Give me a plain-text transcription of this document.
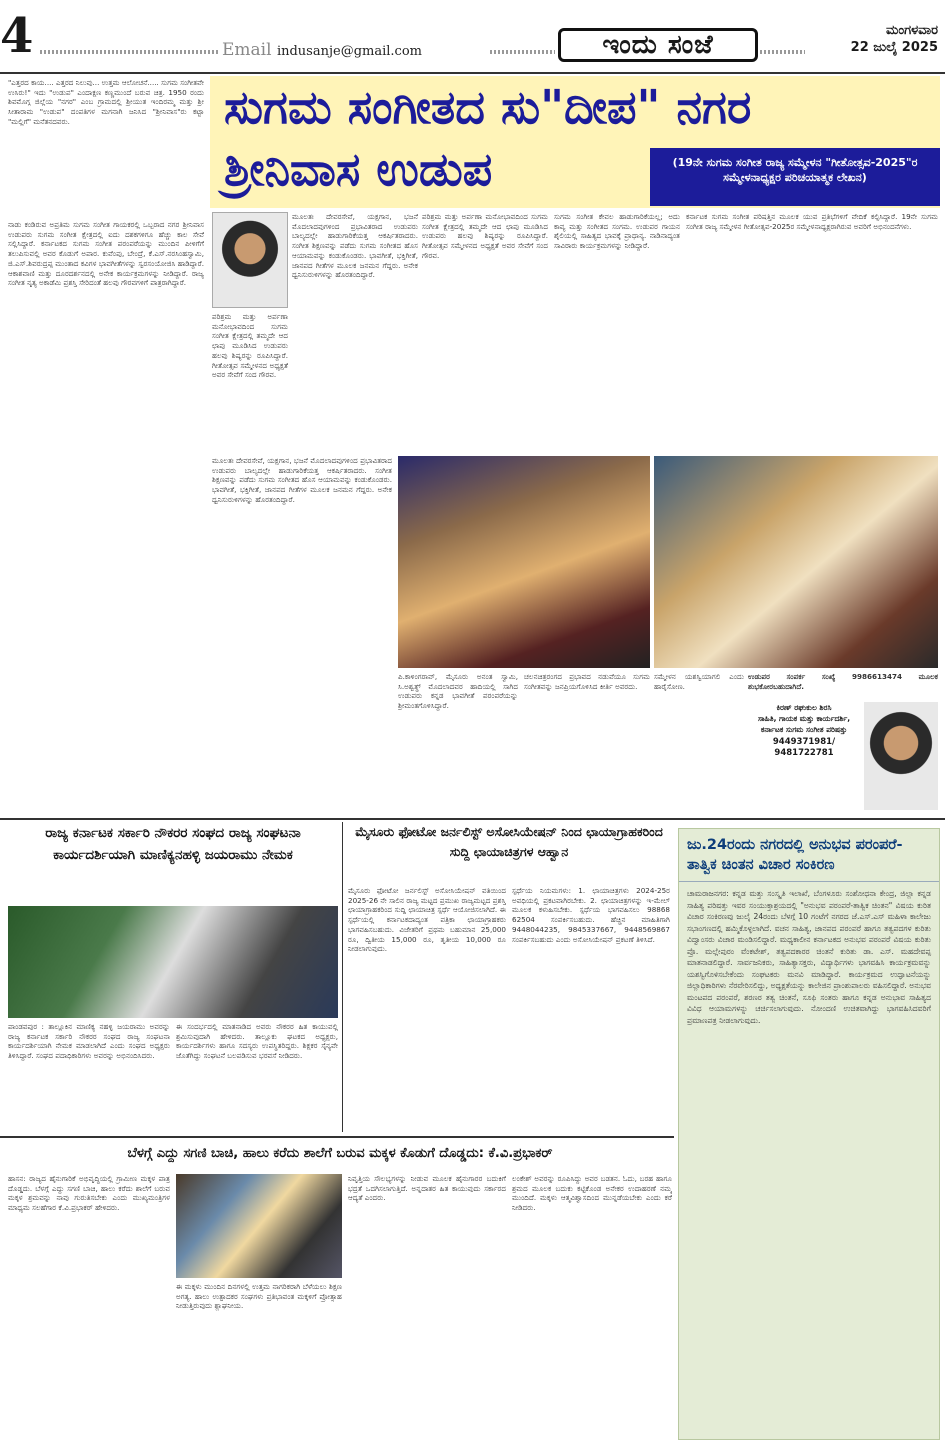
4	Email indusanje@gmail.com	ಇಂದು ಸಂಜೆ	ಮಂಗಳವಾರ
22 ಜುಲೈ 2025
"ಎತ್ತರದ ಕಾಯ.... ಎತ್ತರದ ನಿಲುವು... ಉತ್ತಮ ಆಲೋಚನೆ..... ಸುಗಮ ಸಂಗೀತವೇ ಉಸಿರು!" ಇದು "ಉಡುಪ" ಎಂದಾಕ್ಷಣ ಕಣ್ಣಮುಂದೆ ಬರುವ ಚಿತ್ರ. 1950 ರಂದು ಶಿವಮೊಗ್ಗ ಜಿಲ್ಲೆಯ "ನಗರ" ಎಂಬ ಗ್ರಾಮದಲ್ಲಿ ಶ್ರೀಯುತ ಇಂದಿರಮ್ಮ ಮತ್ತು ಶ್ರೀ ಸೀತಾರಾಮ "ಉಡುಪ" ದಂಪತಿಗಳ ಮಗನಾಗಿ ಜನಿಸಿದ "ಶ್ರೀನಿವಾಸ"ರು ಕಟ್ಟಾ "ಮಲ್ಲಿಗೆ" ಮನೆತನದವರು.	ಸುಗಮ ಸಂಗೀತದ ಸು"ದೀಪ" ನಗರ
ಶ್ರೀನಿವಾಸ ಉಡುಪ	(19ನೇ ಸುಗಮ ಸಂಗೀತ ರಾಜ್ಯ ಸಮ್ಮೇಳನ "ಗೀತೋತ್ಸವ-2025"ರ ಸಮ್ಮೇಳನಾಧ್ಯಕ್ಷರ ಪರಿಚಯಾತ್ಮಕ ಲೇಖನ)
ನಾಡು ಕಂಡಿರುವ ಅಪ್ರತಿಮ ಸುಗಮ ಸಂಗೀತ ಗಾಯಕರಲ್ಲಿ ಒಬ್ಬರಾದ ನಗರ ಶ್ರೀನಿವಾಸ ಉಡುಪರು ಸುಗಮ ಸಂಗೀತ ಕ್ಷೇತ್ರದಲ್ಲಿ ಐದು ದಶಕಗಳಿಗೂ ಹೆಚ್ಚು ಕಾಲ ಸೇವೆ ಸಲ್ಲಿಸಿದ್ದಾರೆ. ಕರ್ನಾಟಕದ ಸುಗಮ ಸಂಗೀತ ಪರಂಪರೆಯನ್ನು ಮುಂದಿನ ಪೀಳಿಗೆಗೆ ತಲುಪಿಸುವಲ್ಲಿ ಅವರ ಕೊಡುಗೆ ಅಪಾರ. ಕುವೆಂಪು, ಬೇಂದ್ರೆ, ಕೆ.ಎಸ್.ನರಸಿಂಹಸ್ವಾಮಿ, ಜಿ.ಎಸ್.ಶಿವರುದ್ರಪ್ಪ ಮುಂತಾದ ಕವಿಗಳ ಭಾವಗೀತೆಗಳನ್ನು ಸ್ವರಸಂಯೋಜಿಸಿ ಹಾಡಿದ್ದಾರೆ. ಆಕಾಶವಾಣಿ ಮತ್ತು ದೂರದರ್ಶನದಲ್ಲಿ ಅನೇಕ ಕಾರ್ಯಕ್ರಮಗಳನ್ನು ನೀಡಿದ್ದಾರೆ. ರಾಜ್ಯ ಸಂಗೀತ ನೃತ್ಯ ಅಕಾಡೆಮಿ ಪ್ರಶಸ್ತಿ ಸೇರಿದಂತೆ ಹಲವು ಗೌರವಗಳಿಗೆ ಪಾತ್ರರಾಗಿದ್ದಾರೆ.
ಮೂಲತಃ ದೇವರಸೇವೆ, ಯಕ್ಷಗಾನ, ಭಜನೆ ಮೊದಲಾದವುಗಳಿಂದ ಪ್ರಭಾವಿತರಾದ ಉಡುಪರು ಬಾಲ್ಯದಲ್ಲೇ ಹಾಡುಗಾರಿಕೆಯತ್ತ ಆಕರ್ಷಿತರಾದರು. ಸಂಗೀತ ಶಿಕ್ಷಣವನ್ನು ಪಡೆದು ಸುಗಮ ಸಂಗೀತದ ಹೊಸ ಆಯಾಮವನ್ನು ಕಂಡುಕೊಂಡರು. ಭಾವಗೀತೆ, ಭಕ್ತಿಗೀತೆ, ಜಾನಪದ ಗೀತೆಗಳ ಮೂಲಕ ಜನಮನ ಗೆದ್ದರು. ಅನೇಕ ಧ್ವನಿಸುರುಳಿಗಳನ್ನು ಹೊರತಂದಿದ್ದಾರೆ.
ಪರಿಶ್ರಮ ಮತ್ತು ಅರ್ಪಣಾ ಮನೋಭಾವದಿಂದ ಸುಗಮ ಸಂಗೀತ ಕ್ಷೇತ್ರದಲ್ಲಿ ತಮ್ಮದೇ ಆದ ಛಾಪು ಮೂಡಿಸಿದ ಉಡುಪರು ಹಲವು ಶಿಷ್ಯರನ್ನು ರೂಪಿಸಿದ್ದಾರೆ. ಗೀತೋತ್ಸವ ಸಮ್ಮೇಳನದ ಅಧ್ಯಕ್ಷತೆ ಅವರ ಸೇವೆಗೆ ಸಂದ ಗೌರವ.
ಪರಿಶ್ರಮ ಮತ್ತು ಅರ್ಪಣಾ ಮನೋಭಾವದಿಂದ ಸುಗಮ ಸಂಗೀತ ಕ್ಷೇತ್ರದಲ್ಲಿ ತಮ್ಮದೇ ಆದ ಛಾಪು ಮೂಡಿಸಿದ ಉಡುಪರು ಹಲವು ಶಿಷ್ಯರನ್ನು ರೂಪಿಸಿದ್ದಾರೆ. ಗೀತೋತ್ಸವ ಸಮ್ಮೇಳನದ ಅಧ್ಯಕ್ಷತೆ ಅವರ ಸೇವೆಗೆ ಸಂದ ಗೌರವ.
ಸುಗಮ ಸಂಗೀತ ಕೇವಲ ಹಾಡುಗಾರಿಕೆಯಲ್ಲ; ಅದು ಕಾವ್ಯ ಮತ್ತು ಸಂಗೀತದ ಸಂಗಮ. ಉಡುಪರ ಗಾಯನ ಶೈಲಿಯಲ್ಲಿ ಸಾಹಿತ್ಯದ ಭಾವಕ್ಕೆ ಪ್ರಾಧಾನ್ಯ. ನಾಡಿನಾದ್ಯಂತ ಸಾವಿರಾರು ಕಾರ್ಯಕ್ರಮಗಳನ್ನು ನೀಡಿದ್ದಾರೆ.
ಕರ್ನಾಟಕ ಸುಗಮ ಸಂಗೀತ ಪರಿಷತ್ತಿನ ಮೂಲಕ ಯುವ ಪ್ರತಿಭೆಗಳಿಗೆ ವೇದಿಕೆ ಕಲ್ಪಿಸಿದ್ದಾರೆ. 19ನೇ ಸುಗಮ ಸಂಗೀತ ರಾಜ್ಯ ಸಮ್ಮೇಳನ ಗೀತೋತ್ಸವ-2025ರ ಸಮ್ಮೇಳನಾಧ್ಯಕ್ಷರಾಗಿರುವ ಅವರಿಗೆ ಅಭಿನಂದನೆಗಳು.
ಮೂಲತಃ ದೇವರಸೇವೆ, ಯಕ್ಷಗಾನ, ಭಜನೆ ಮೊದಲಾದವುಗಳಿಂದ ಪ್ರಭಾವಿತರಾದ ಉಡುಪರು ಬಾಲ್ಯದಲ್ಲೇ ಹಾಡುಗಾರಿಕೆಯತ್ತ ಆಕರ್ಷಿತರಾದರು. ಸಂಗೀತ ಶಿಕ್ಷಣವನ್ನು ಪಡೆದು ಸುಗಮ ಸಂಗೀತದ ಹೊಸ ಆಯಾಮವನ್ನು ಕಂಡುಕೊಂಡರು. ಭಾವಗೀತೆ, ಭಕ್ತಿಗೀತೆ, ಜಾನಪದ ಗೀತೆಗಳ ಮೂಲಕ ಜನಮನ ಗೆದ್ದರು. ಅನೇಕ ಧ್ವನಿಸುರುಳಿಗಳನ್ನು ಹೊರತಂದಿದ್ದಾರೆ.
ಪಿ.ಕಾಳಿಂಗರಾವ್, ಮೈಸೂರು ಅನಂತ ಸ್ವಾಮಿ, ಸಿ.ಅಶ್ವತ್ಥ್ ಮೊದಲಾದವರ ಹಾದಿಯಲ್ಲಿ ಸಾಗಿದ ಉಡುಪರು ಕನ್ನಡ ಭಾವಗೀತೆ ಪರಂಪರೆಯನ್ನು ಶ್ರೀಮಂತಗೊಳಿಸಿದ್ದಾರೆ.
ಚಲನಚಿತ್ರರಂಗದ ಪ್ರಭಾವದ ನಡುವೆಯೂ ಸುಗಮ ಸಂಗೀತವನ್ನು ಜನಪ್ರಿಯಗೊಳಿಸಿದ ಕೀರ್ತಿ ಅವರದು.
ಸಮ್ಮೇಳನ ಯಶಸ್ವಿಯಾಗಲಿ ಎಂದು ಹಾರೈಸೋಣ.
ಉಡುಪರ ಸಂಪರ್ಕ ಸಂಖ್ಯೆ 9986613474 ಮೂಲಕ ಶುಭಕೋರಬಹುದಾಗಿದೆ.
ಕಿರಣ್ ರಘುಕುಲ ಶಿರಸಿ
ಸಾಹಿತಿ, ಗಾಯಕ ಮತ್ತು ಕಾರ್ಯದರ್ಶಿ, ಕರ್ನಾಟಕ ಸುಗಮ ಸಂಗೀತ ಪರಿಷತ್ತು
9449371981/ 9481722781
ರಾಜ್ಯ ಕರ್ನಾಟಕ ಸರ್ಕಾರಿ ನೌಕರರ ಸಂಘದ ರಾಜ್ಯ ಸಂಘಟನಾ ಕಾರ್ಯದರ್ಶಿಯಾಗಿ ಮಾಣಿಕ್ಯನಹಳ್ಳಿ ಜಯರಾಮು ನೇಮಕ
ಪಾಂಡವಪುರ : ತಾಲ್ಲೂಕಿನ ಮಾಣಿಕ್ಯ ನಹಳ್ಳಿ ಜಯರಾಮು ಅವರನ್ನು ರಾಜ್ಯ ಕರ್ನಾಟಕ ಸರ್ಕಾರಿ ನೌಕರರ ಸಂಘದ ರಾಜ್ಯ ಸಂಘಟನಾ ಕಾರ್ಯದರ್ಶಿಯಾಗಿ ನೇಮಕ ಮಾಡಲಾಗಿದೆ ಎಂದು ಸಂಘದ ಅಧ್ಯಕ್ಷರು ತಿಳಿಸಿದ್ದಾರೆ. ಸಂಘದ ಪದಾಧಿಕಾರಿಗಳು ಅವರನ್ನು ಅಭಿನಂದಿಸಿದರು.
ಈ ಸಂದರ್ಭದಲ್ಲಿ ಮಾತನಾಡಿದ ಅವರು ನೌಕರರ ಹಿತ ಕಾಯುವಲ್ಲಿ ಶ್ರಮಿಸುವುದಾಗಿ ಹೇಳಿದರು. ತಾಲ್ಲೂಕು ಘಟಕದ ಅಧ್ಯಕ್ಷರು, ಕಾರ್ಯದರ್ಶಿಗಳು ಹಾಗೂ ಸದಸ್ಯರು ಉಪಸ್ಥಿತರಿದ್ದರು. ಶಿಕ್ಷಕರ ಸೈನ್ಯವೇ ಜೊತೆಗಿದ್ದು ಸಂಘಟನೆ ಬಲಪಡಿಸುವ ಭರವಸೆ ನೀಡಿದರು.
ಮೈಸೂರು ಫೋಟೋ ಜರ್ನಲಿಸ್ಟ್ ಅಸೋಸಿಯೇಷನ್ ನಿಂದ ಛಾಯಾಗ್ರಾಹಕರಿಂದ ಸುದ್ದಿ ಛಾಯಾಚಿತ್ರಗಳ ಆಹ್ವಾನ
ಮೈಸೂರು ಫೋಟೋ ಜರ್ನಲಿಸ್ಟ್ ಅಸೋಸಿಯೇಷನ್ ವತಿಯಿಂದ 2025-26 ನೇ ಸಾಲಿನ ರಾಜ್ಯ ಮಟ್ಟದ ಪ್ರಮುಖ ರಾಜ್ಯಮಟ್ಟದ ಪ್ರಶಸ್ತಿ ಛಾಯಾಗ್ರಾಹಕರಿಂದ ಸುದ್ದಿ ಛಾಯಾಚಿತ್ರ ಸ್ಪರ್ಧೆ ಆಯೋಜಿಸಲಾಗಿದೆ. ಈ ಸ್ಪರ್ಧೆಯಲ್ಲಿ ಕರ್ನಾಟಕದಾದ್ಯಂತ ಪತ್ರಿಕಾ ಛಾಯಾಗ್ರಾಹಕರು ಭಾಗವಹಿಸಬಹುದು. ವಿಜೇತರಿಗೆ ಪ್ರಥಮ ಬಹುಮಾನ 25,000 ರೂ, ದ್ವಿತೀಯ 15,000 ರೂ, ತೃತೀಯ 10,000 ರೂ ನೀಡಲಾಗುವುದು.
ಸ್ಪರ್ಧೆಯ ನಿಯಮಗಳು: 1. ಛಾಯಾಚಿತ್ರಗಳು 2024-25ರ ಅವಧಿಯಲ್ಲಿ ಪ್ರಕಟವಾಗಿರಬೇಕು. 2. ಛಾಯಾಚಿತ್ರಗಳನ್ನು ಇ-ಮೇಲ್ ಮೂಲಕ ಕಳುಹಿಸಬೇಕು. ಸ್ಪರ್ಧೆಯ ಭಾಗವಹಿಸಲು 98868 62504 ಸಂಪರ್ಕಿಸಬಹುದು. ಹೆಚ್ಚಿನ ಮಾಹಿತಿಗಾಗಿ 9448044235, 9845337667, 9448569867 ಸಂಪರ್ಕಿಸಬಹುದು ಎಂದು ಅಸೋಸಿಯೇಷನ್ ಪ್ರಕಟಣೆ ತಿಳಿಸಿದೆ.
ಜು.24ರಂದು ನಗರದಲ್ಲಿ ಅನುಭವ ಪರಂಪರೆ-ತಾತ್ವಿಕ ಚಿಂತನ ವಿಚಾರ ಸಂಕಿರಣ
ಚಾಮರಾಜನಗರ: ಕನ್ನಡ ಮತ್ತು ಸಂಸ್ಕೃತಿ ಇಲಾಖೆ, ಬೆಂಗಳೂರು ಸಂಶೋಧನಾ ಕೇಂದ್ರ, ಜಿಲ್ಲಾ ಕನ್ನಡ ಸಾಹಿತ್ಯ ಪರಿಷತ್ತು ಇವರ ಸಂಯುಕ್ತಾಶ್ರಯದಲ್ಲಿ "ಅನುಭವ ಪರಂಪರೆ-ತಾತ್ವಿಕ ಚಿಂತನ" ವಿಷಯ ಕುರಿತ ವಿಚಾರ ಸಂಕಿರಣವು ಜುಲೈ 24ರಂದು ಬೆಳಗ್ಗೆ 10 ಗಂಟೆಗೆ ನಗರದ ಜೆ.ಎಸ್.ಎಸ್ ಮಹಿಳಾ ಕಾಲೇಜು ಸಭಾಂಗಣದಲ್ಲಿ ಹಮ್ಮಿಕೊಳ್ಳಲಾಗಿದೆ. ವಚನ ಸಾಹಿತ್ಯ, ಜಾನಪದ ಪರಂಪರೆ ಹಾಗೂ ತತ್ವಪದಗಳ ಕುರಿತು ವಿದ್ವಾಂಸರು ವಿಚಾರ ಮಂಡಿಸಲಿದ್ದಾರೆ. ಮಧ್ಯಕಾಲೀನ ಕರ್ನಾಟಕದ ಅನುಭವ ಪರಂಪರೆ ವಿಷಯ ಕುರಿತು ಪ್ರೊ. ಮಲ್ಲೇಪುರಂ ವೆಂಕಟೇಶ್, ತತ್ವಪದಕಾರರ ಚಿಂತನೆ ಕುರಿತು ಡಾ. ಎಸ್. ಮಹದೇವಪ್ಪ ಮಾತನಾಡಲಿದ್ದಾರೆ. ಸಾರ್ವಜನಿಕರು, ಸಾಹಿತ್ಯಾಸಕ್ತರು, ವಿದ್ಯಾರ್ಥಿಗಳು ಭಾಗವಹಿಸಿ ಕಾರ್ಯಕ್ರಮವನ್ನು ಯಶಸ್ವಿಗೊಳಿಸಬೇಕೆಂದು ಸಂಘಟಕರು ಮನವಿ ಮಾಡಿದ್ದಾರೆ. ಕಾರ್ಯಕ್ರಮದ ಉದ್ಘಾಟನೆಯನ್ನು ಜಿಲ್ಲಾಧಿಕಾರಿಗಳು ನೆರವೇರಿಸಲಿದ್ದು, ಅಧ್ಯಕ್ಷತೆಯನ್ನು ಕಾಲೇಜಿನ ಪ್ರಾಂಶುಪಾಲರು ವಹಿಸಲಿದ್ದಾರೆ. ಅನುಭವ ಮಂಟಪದ ಪರಂಪರೆ, ಶರಣರ ತತ್ವ ಚಿಂತನೆ, ಸೂಫಿ ಸಂತರು ಹಾಗೂ ಕನ್ನಡ ಅನುಭಾವ ಸಾಹಿತ್ಯದ ವಿವಿಧ ಆಯಾಮಗಳನ್ನು ಚರ್ಚಿಸಲಾಗುವುದು. ನೋಂದಣಿ ಉಚಿತವಾಗಿದ್ದು ಭಾಗವಹಿಸಿದವರಿಗೆ ಪ್ರಮಾಣಪತ್ರ ನೀಡಲಾಗುವುದು.
ಬೆಳಗ್ಗೆ ಎದ್ದು ಸಗಣಿ ಬಾಚಿ, ಹಾಲು ಕರೆದು ಶಾಲೆಗೆ ಬರುವ ಮಕ್ಕಳ ಕೊಡುಗೆ ದೊಡ್ಡದು: ಕೆ.ವಿ.ಪ್ರಭಾಕರ್
ಹಾಸನ: ರಾಜ್ಯದ ಹೈನುಗಾರಿಕೆ ಅಭಿವೃದ್ಧಿಯಲ್ಲಿ ಗ್ರಾಮೀಣ ಮಕ್ಕಳ ಪಾತ್ರ ದೊಡ್ಡದು. ಬೆಳಗ್ಗೆ ಎದ್ದು ಸಗಣಿ ಬಾಚಿ, ಹಾಲು ಕರೆದು ಶಾಲೆಗೆ ಬರುವ ಮಕ್ಕಳ ಶ್ರಮವನ್ನು ನಾವು ಗುರುತಿಸಬೇಕು ಎಂದು ಮುಖ್ಯಮಂತ್ರಿಗಳ ಮಾಧ್ಯಮ ಸಲಹೆಗಾರ ಕೆ.ವಿ.ಪ್ರಭಾಕರ್ ಹೇಳಿದರು.
ಈ ಮಕ್ಕಳು ಮುಂದಿನ ದಿನಗಳಲ್ಲಿ ಉತ್ತಮ ನಾಗರಿಕರಾಗಿ ಬೆಳೆಯಲು ಶಿಕ್ಷಣ ಅಗತ್ಯ. ಹಾಲು ಉತ್ಪಾದಕರ ಸಂಘಗಳು ಪ್ರತಿಭಾವಂತ ಮಕ್ಕಳಿಗೆ ಪ್ರೋತ್ಸಾಹ ನೀಡುತ್ತಿರುವುದು ಶ್ಲಾಘನೀಯ.
ನಿವೃತ್ತಿಯ ಸೌಲಭ್ಯಗಳನ್ನು ನೀಡುವ ಮೂಲಕ ಹೈನುಗಾರರ ಬದುಕಿಗೆ ಭದ್ರತೆ ಒದಗಿಸಲಾಗುತ್ತಿದೆ. ಅನ್ನದಾತರ ಹಿತ ಕಾಯುವುದು ಸರ್ಕಾರದ ಆದ್ಯತೆ ಎಂದರು.
ಲಂಕೇಶ್ ಅವರನ್ನು ರೂಪಿಸಿದ್ದು ಅವರ ಬಡತನ. ಓದು, ಬರಹ ಹಾಗೂ ಶ್ರಮದ ಮೂಲಕ ಬದುಕು ಕಟ್ಟಿಕೊಂಡ ಅನೇಕರ ಉದಾಹರಣೆ ನಮ್ಮ ಮುಂದಿದೆ. ಮಕ್ಕಳು ಆತ್ಮವಿಶ್ವಾಸದಿಂದ ಮುನ್ನಡೆಯಬೇಕು ಎಂದು ಕರೆ ನೀಡಿದರು.
